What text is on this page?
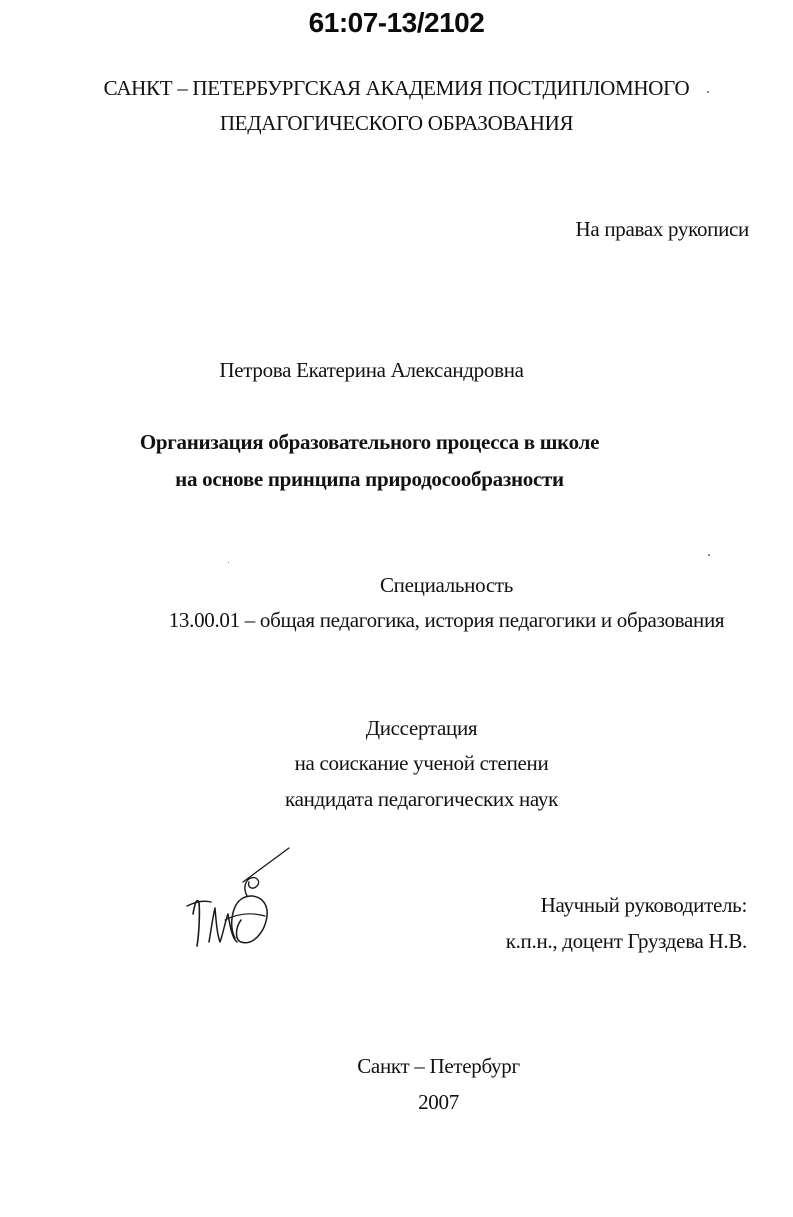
61:07-13/2102
САНКТ – ПЕТЕРБУРГСКАЯ АКАДЕМИЯ ПОСТДИПЛОМНОГО
ПЕДАГОГИЧЕСКОГО ОБРАЗОВАНИЯ
На правах рукописи
Петрова Екатерина Александровна
Организация образовательного процесса в школе
на основе принципа природосообразности
Специальность
13.00.01 – общая педагогика, история педагогики и образования
Диссертация
на соискание ученой степени
кандидата педагогических наук
Научный руководитель:
к.п.н., доцент Груздева Н.В.
Санкт – Петербург
2007
